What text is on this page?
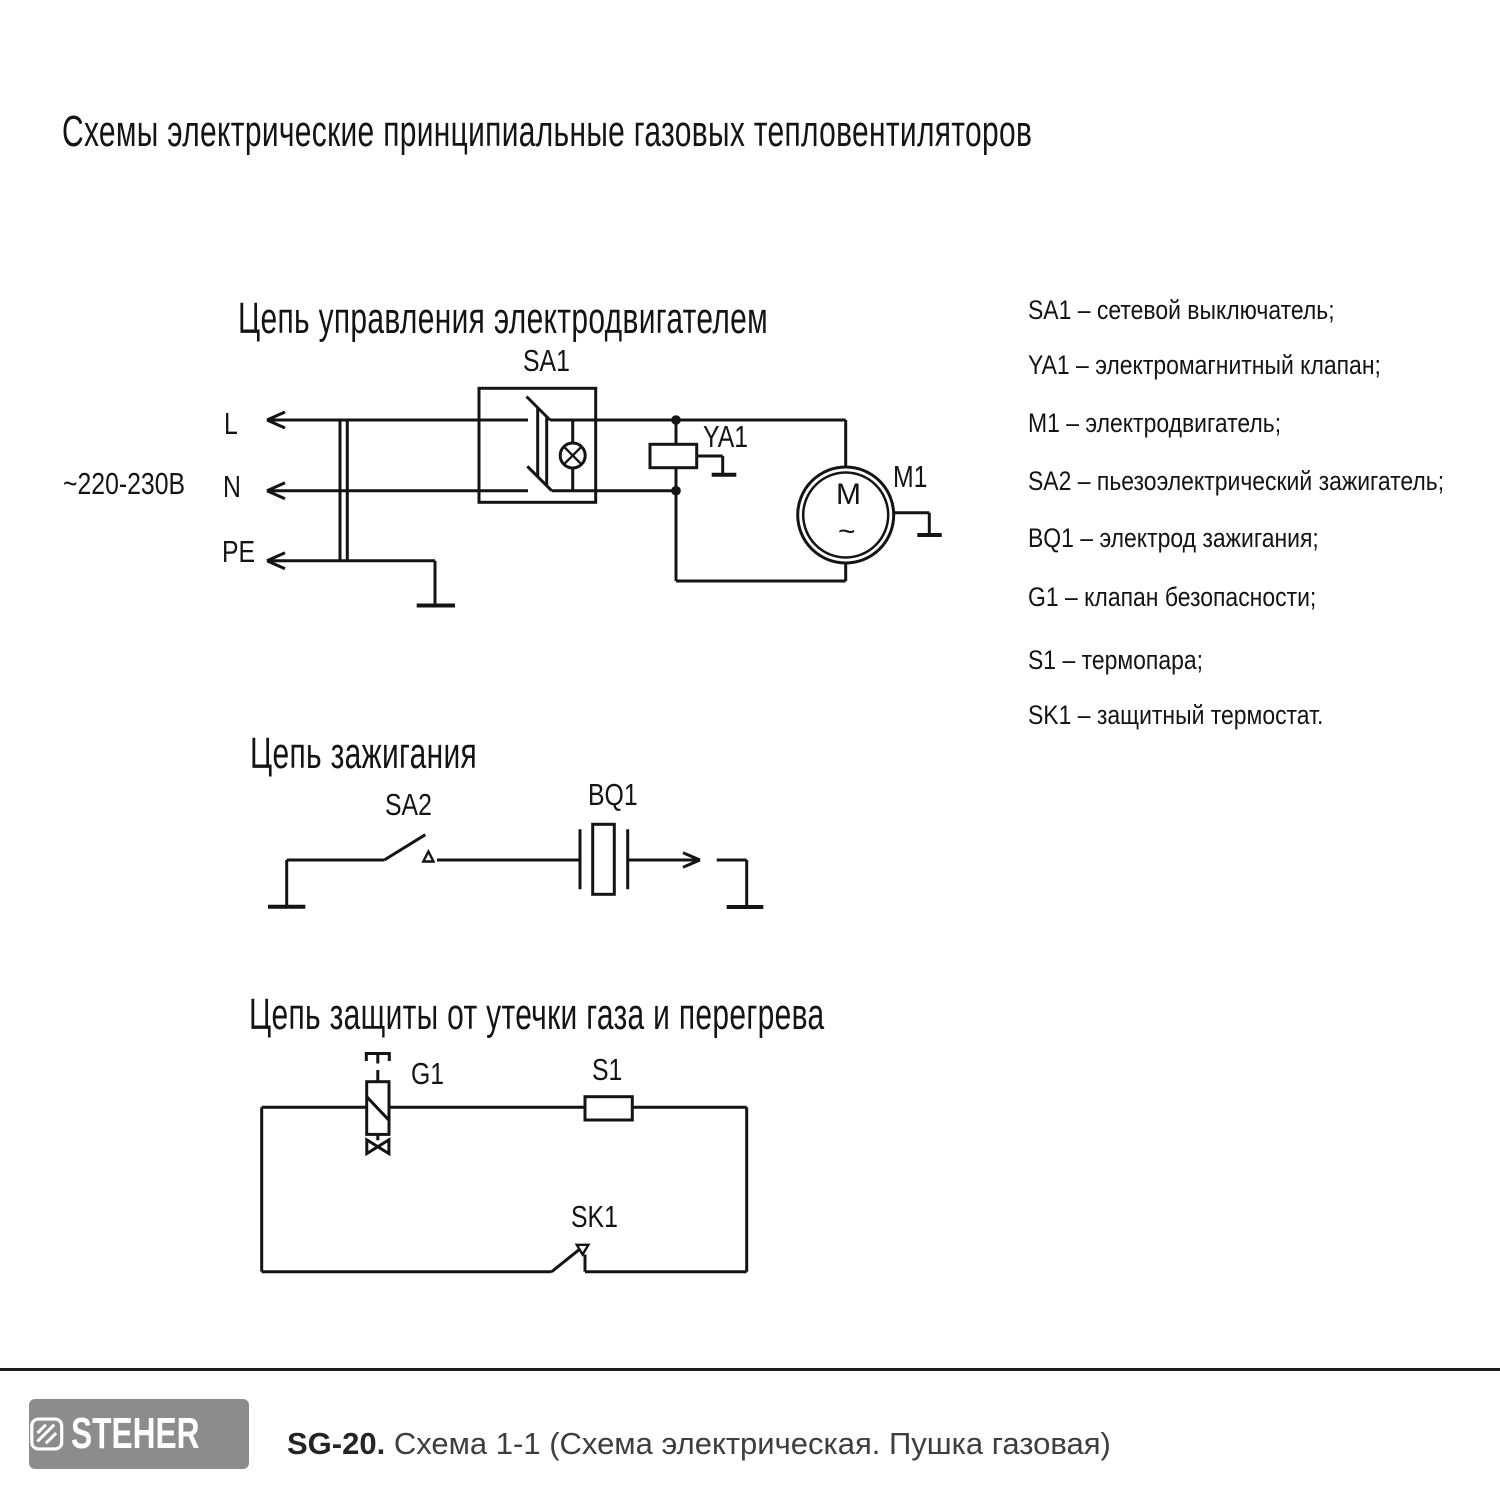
Схемы электрические принципиальные газовых тепловентиляторов
Цепь управления электродвигателем
~220-230В
L
N
PE
SA1
YA1
M1
M
~
Цепь зажигания
SA2	BQ1
Цепь защиты от утечки газа и перегрева
G1	S1
SK1
SA1 – сетевой выключатель;
YA1 – электромагнитный клапан;
M1 – электродвигатель;
SA2 – пьезоэлектрический зажигатель;
BQ1 – электрод зажигания;
G1 – клапан безопасности;
S1 – термопара;
SK1 – защитный термостат.
STEHER	SG-20. Схема 1-1 (Схема электрическая. Пушка газовая)
